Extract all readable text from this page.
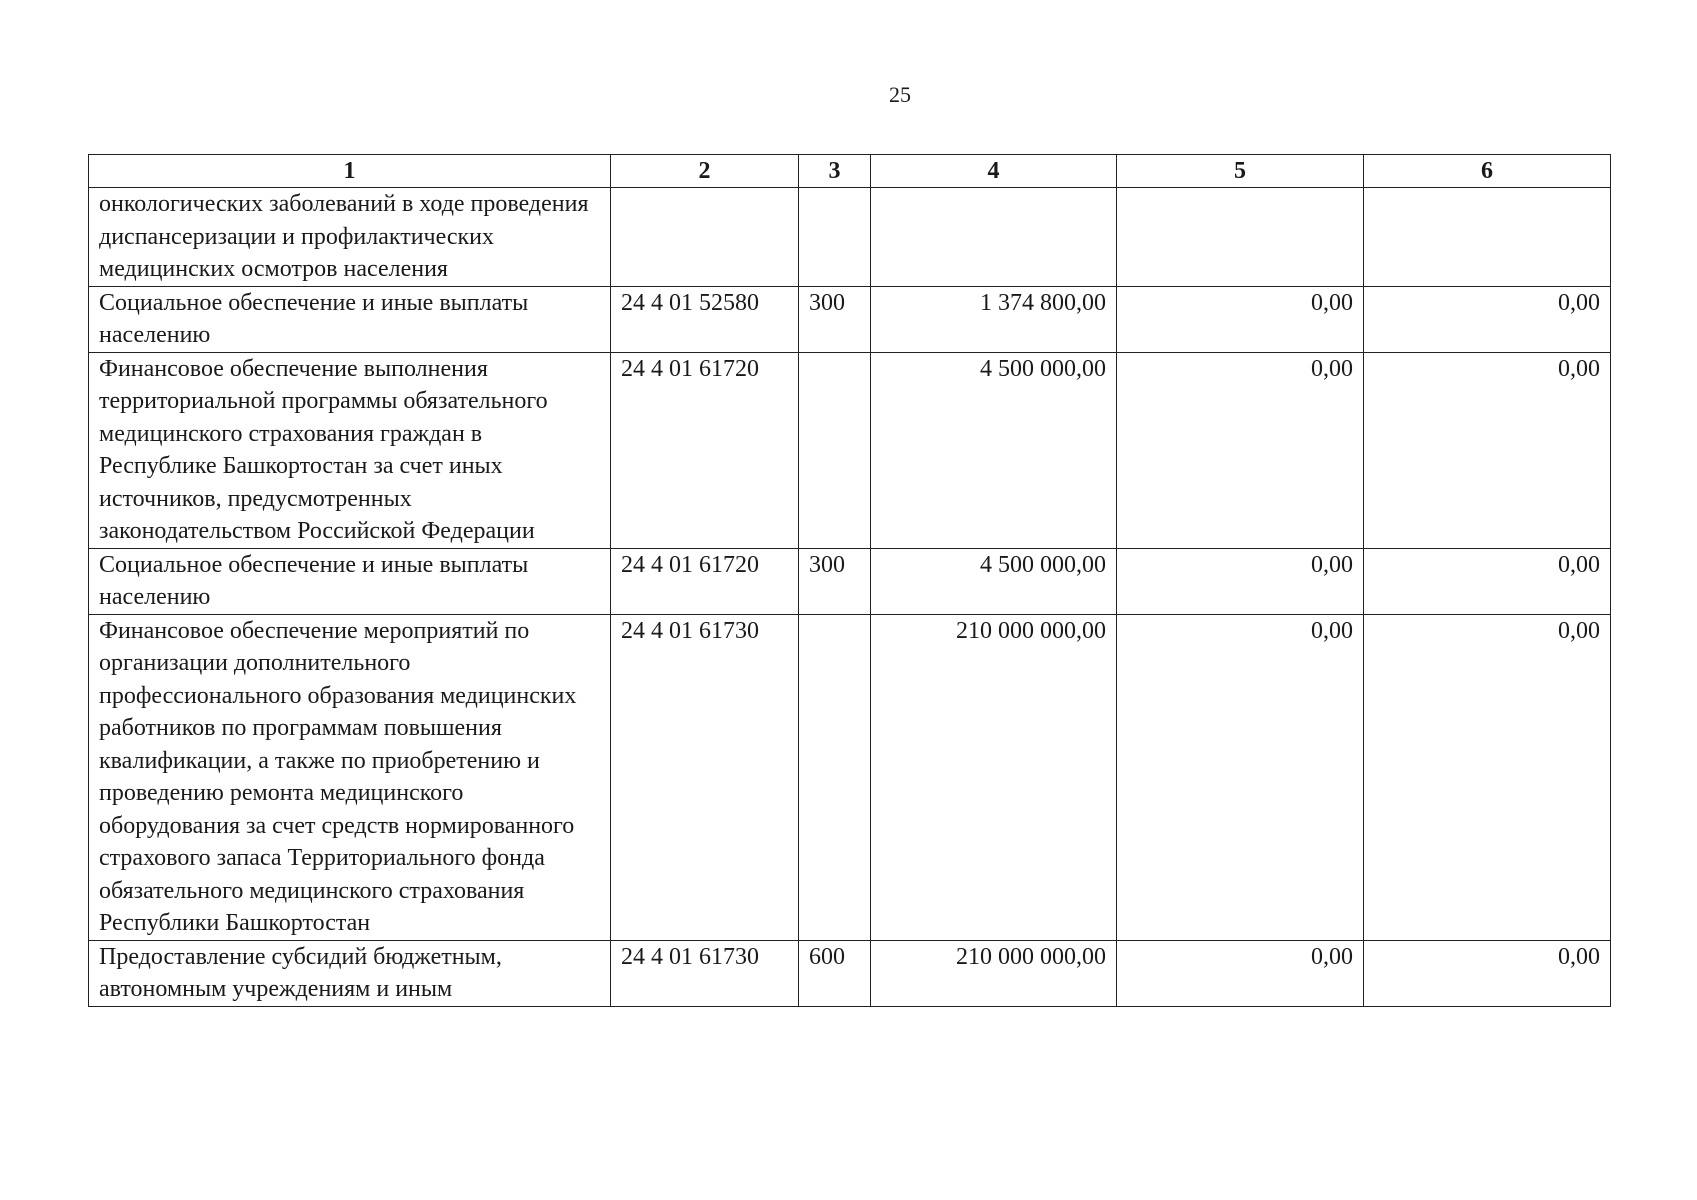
25
1	2	3	4	5	6
онкологических заболеваний в ходе проведения диспансеризации и профилактических медицинских осмотров населения					
Социальное обеспечение и иные выплаты населению	24 4 01 52580	300	1 374 800,00	0,00	0,00
Финансовое обеспечение выполнения территориальной программы обязательного медицинского страхования граждан в Республике Башкортостан за счет иных источников, предусмотренных законодательством Российской Федерации	24 4 01 61720		4 500 000,00	0,00	0,00
Социальное обеспечение и иные выплаты населению	24 4 01 61720	300	4 500 000,00	0,00	0,00
Финансовое обеспечение мероприятий по организации дополнительного профессионального образования медицинских работников по программам повышения квалификации, а также по приобретению и проведению ремонта медицинского оборудования за счет средств нормированного страхового запаса Территориального фонда обязательного медицинского страхования Республики Башкортостан	24 4 01 61730		210 000 000,00	0,00	0,00
Предоставление субсидий бюджетным, автономным учреждениям и иным	24 4 01 61730	600	210 000 000,00	0,00	0,00
